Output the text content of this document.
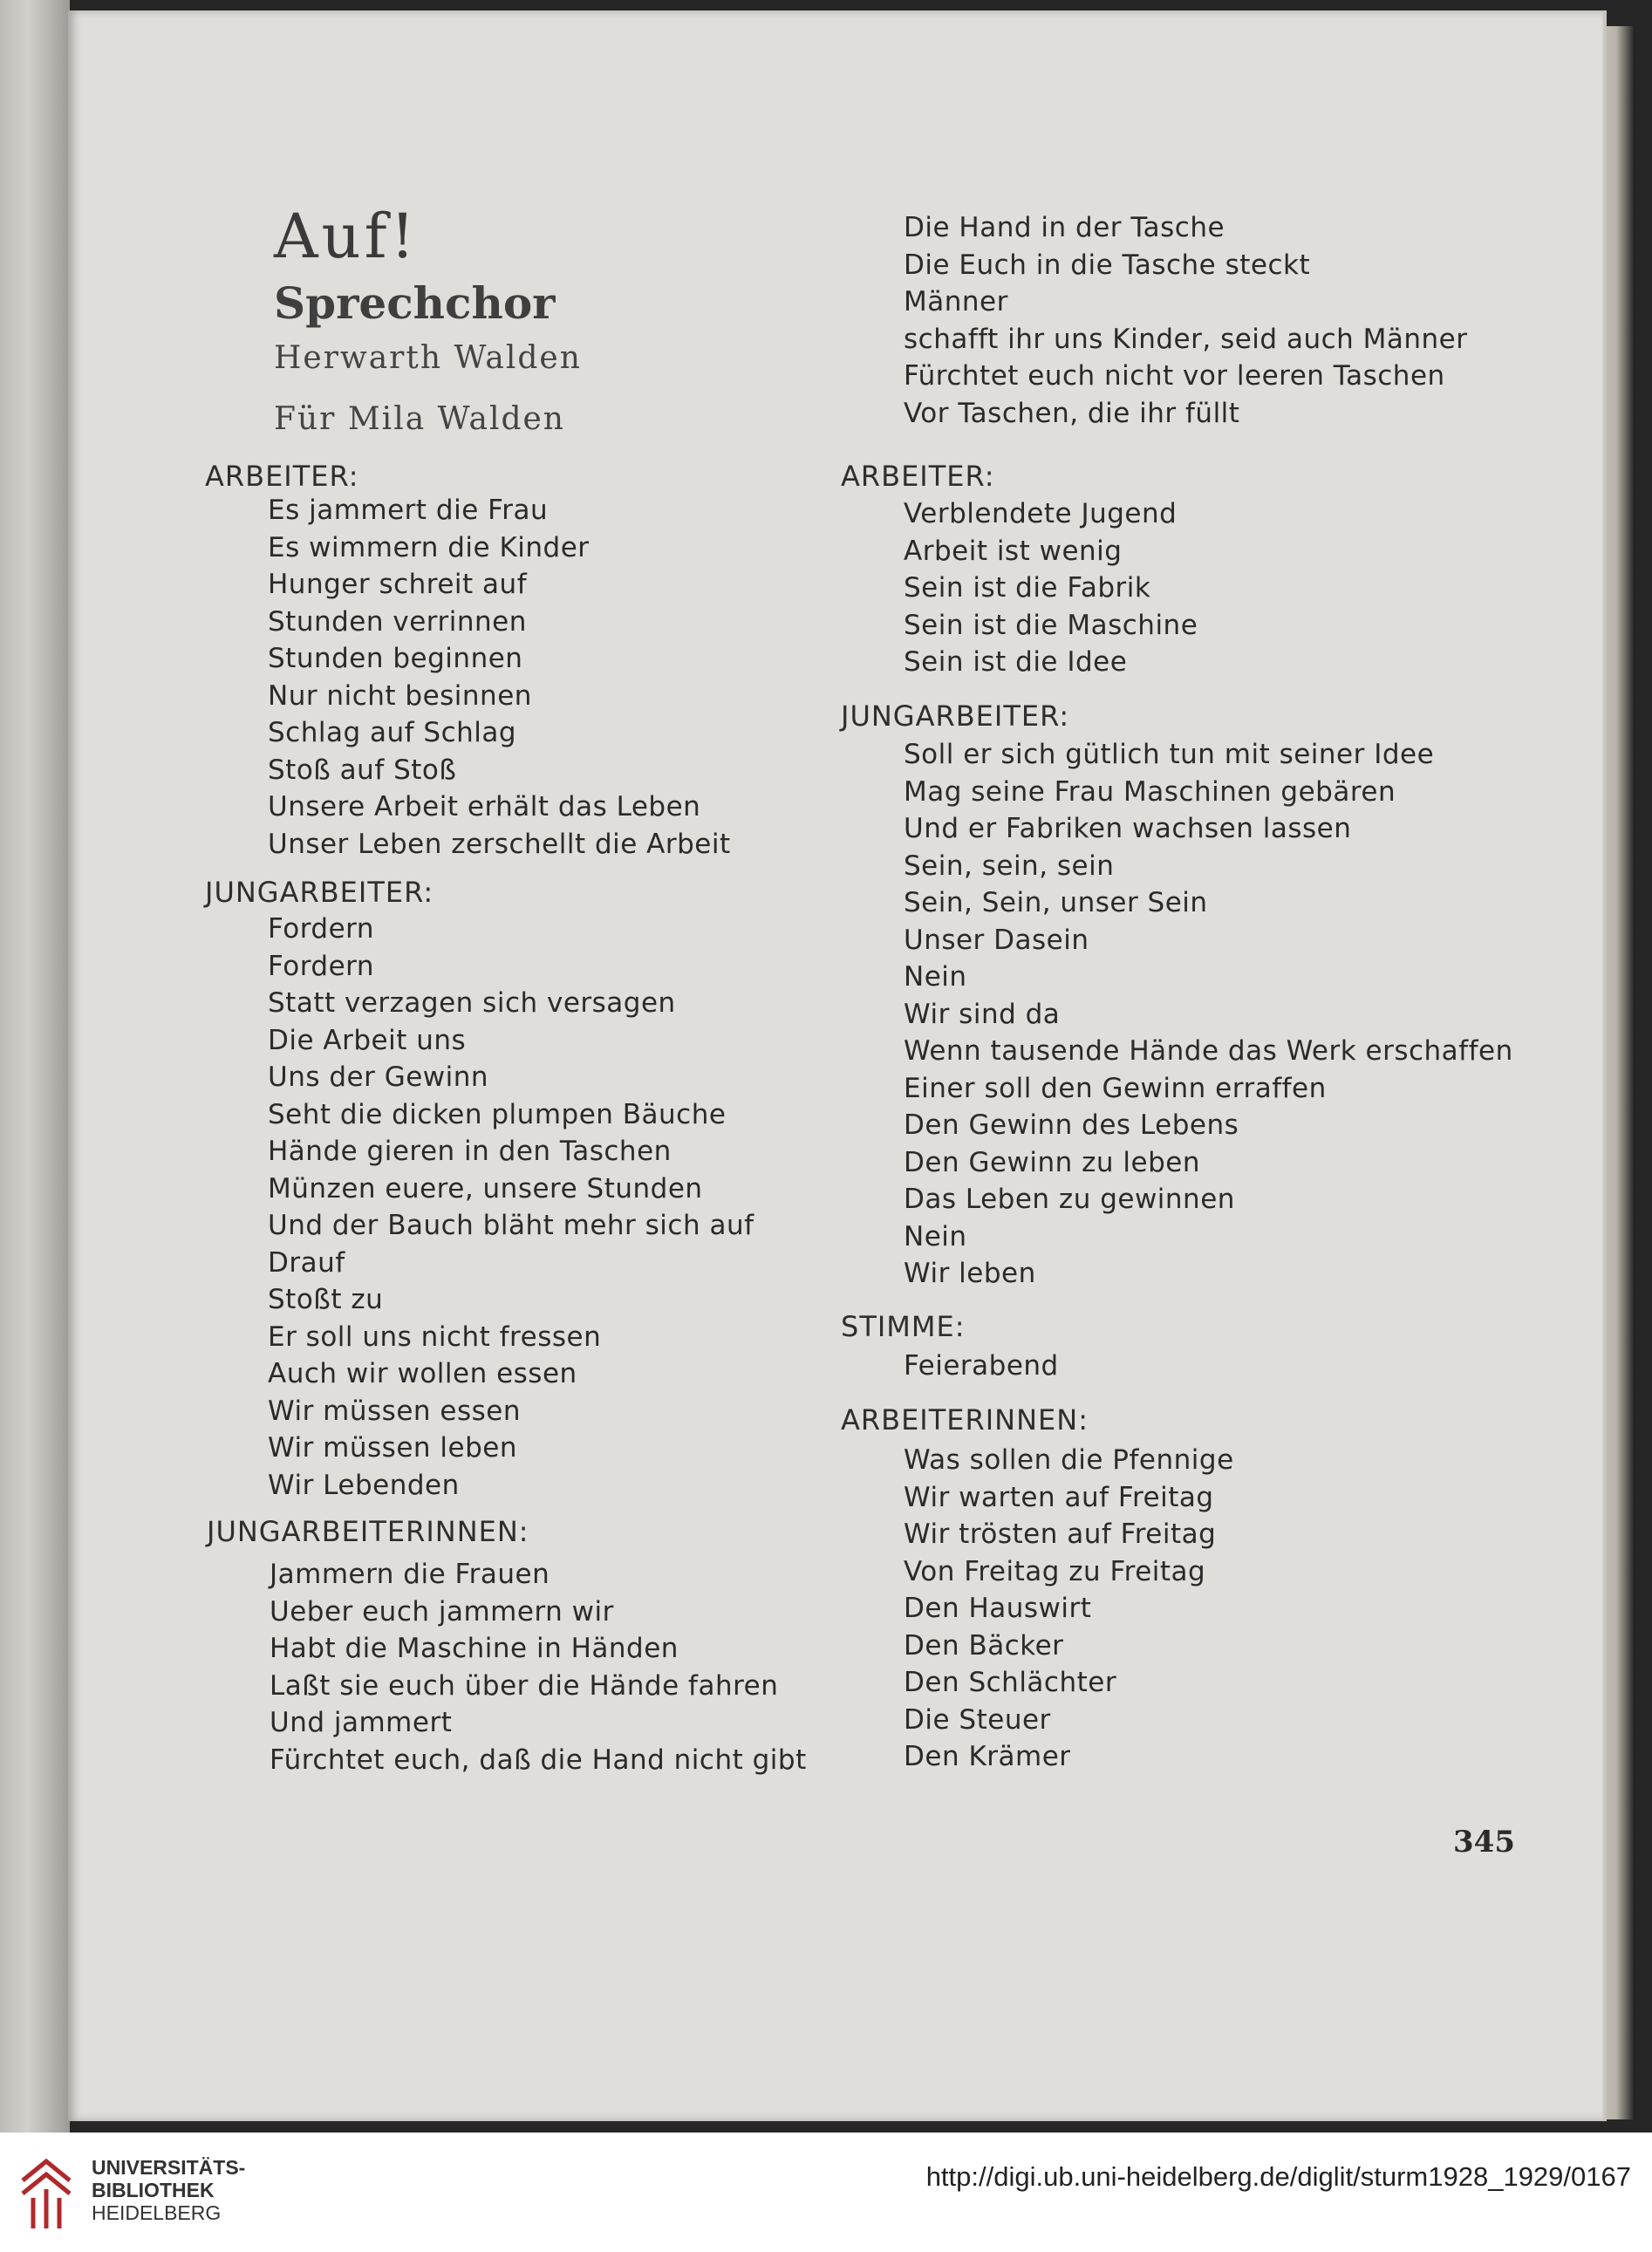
Auf!
Sprechchor
Herwarth Walden
Für Mila Walden
ARBEITER:
Es jammert die Frau
Es wimmern die Kinder
Hunger schreit auf
Stunden verrinnen
Stunden beginnen
Nur nicht besinnen
Schlag auf Schlag
Stoß auf Stoß
Unsere Arbeit erhält das Leben
Unser Leben zerschellt die Arbeit
JUNGARBEITER:
Fordern
Fordern
Statt verzagen sich versagen
Die Arbeit uns
Uns der Gewinn
Seht die dicken plumpen Bäuche
Hände gieren in den Taschen
Münzen euere, unsere Stunden
Und der Bauch bläht mehr sich auf
Drauf
Stoßt zu
Er soll uns nicht fressen
Auch wir wollen essen
Wir müssen essen
Wir müssen leben
Wir Lebenden
JUNGARBEITERINNEN:
Jammern die Frauen
Ueber euch jammern wir
Habt die Maschine in Händen
Laßt sie euch über die Hände fahren
Und jammert
Fürchtet euch, daß die Hand nicht gibt
Die Hand in der Tasche
Die Euch in die Tasche steckt
Männer
schafft ihr uns Kinder, seid auch Männer
Fürchtet euch nicht vor leeren Taschen
Vor Taschen, die ihr füllt
ARBEITER:
Verblendete Jugend
Arbeit ist wenig
Sein ist die Fabrik
Sein ist die Maschine
Sein ist die Idee
JUNGARBEITER:
Soll er sich gütlich tun mit seiner Idee
Mag seine Frau Maschinen gebären
Und er Fabriken wachsen lassen
Sein, sein, sein
Sein, Sein, unser Sein
Unser Dasein
Nein
Wir sind da
Wenn tausende Hände das Werk erschaffen
Einer soll den Gewinn erraffen
Den Gewinn des Lebens
Den Gewinn zu leben
Das Leben zu gewinnen
Nein
Wir leben
STIMME:
Feierabend
ARBEITERINNEN:
Was sollen die Pfennige
Wir warten auf Freitag
Wir trösten auf Freitag
Von Freitag zu Freitag
Den Hauswirt
Den Bäcker
Den Schlächter
Die Steuer
Den Krämer
345
UNIVERSITÄTS-
BIBLIOTHEK
HEIDELBERG
http://digi.ub.uni-heidelberg.de/diglit/sturm1928_1929/0167
